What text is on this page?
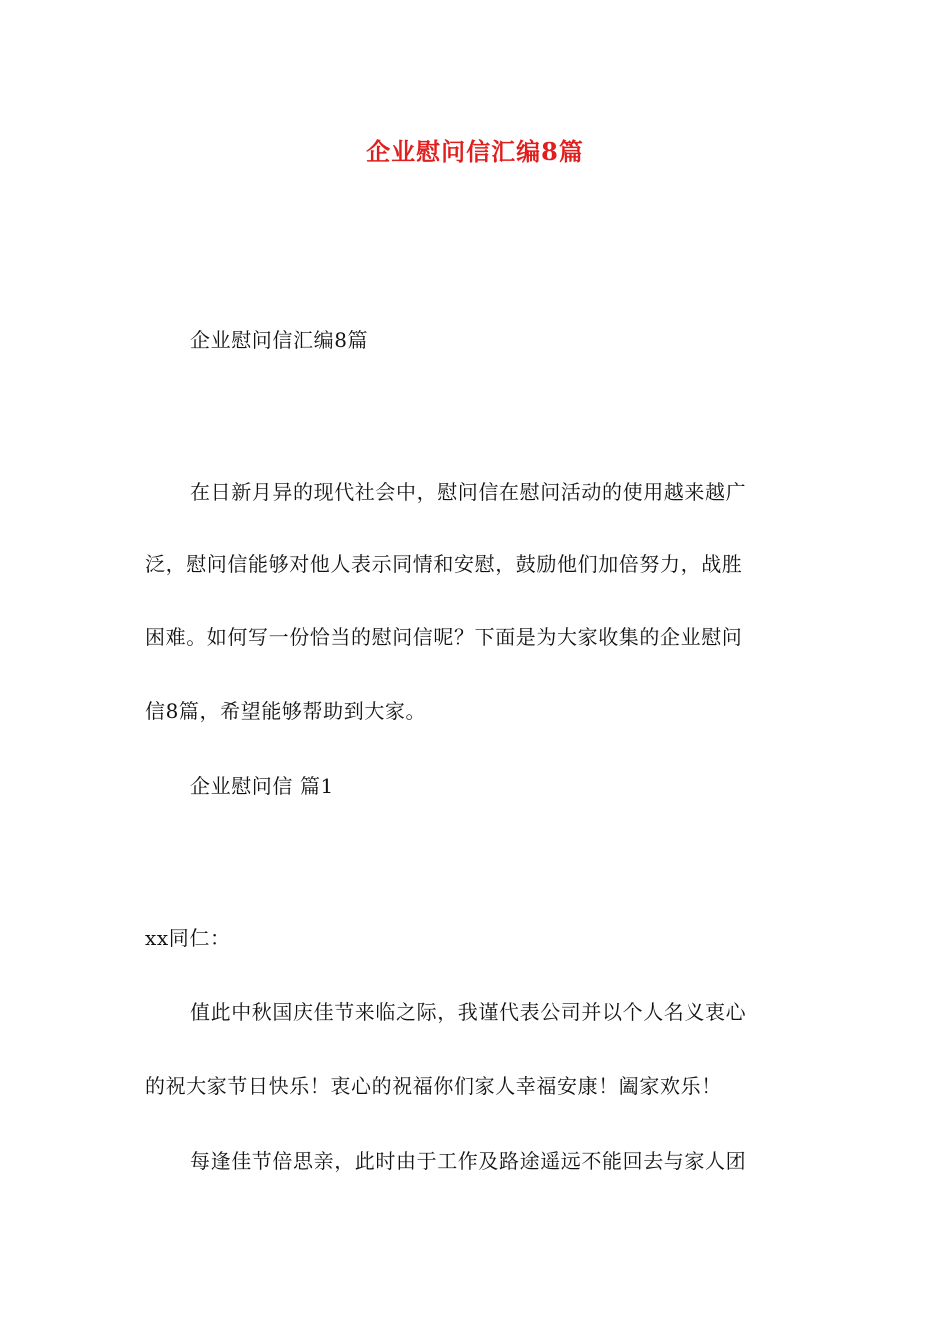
企业慰问信汇编8篇
企业慰问信汇编8篇
在日新月异的现代社会中，慰问信在慰问活动的使用越来越广
泛，慰问信能够对他人表示同情和安慰，鼓励他们加倍努力，战胜
困难。如何写一份恰当的慰问信呢？下面是为大家收集的企业慰问
信8篇，希望能够帮助到大家。
企业慰问信 篇1
xx同仁：
值此中秋国庆佳节来临之际，我谨代表公司并以个人名义衷心
的祝大家节日快乐！衷心的祝福你们家人幸福安康！阖家欢乐！
每逢佳节倍思亲，此时由于工作及路途遥远不能回去与家人团
